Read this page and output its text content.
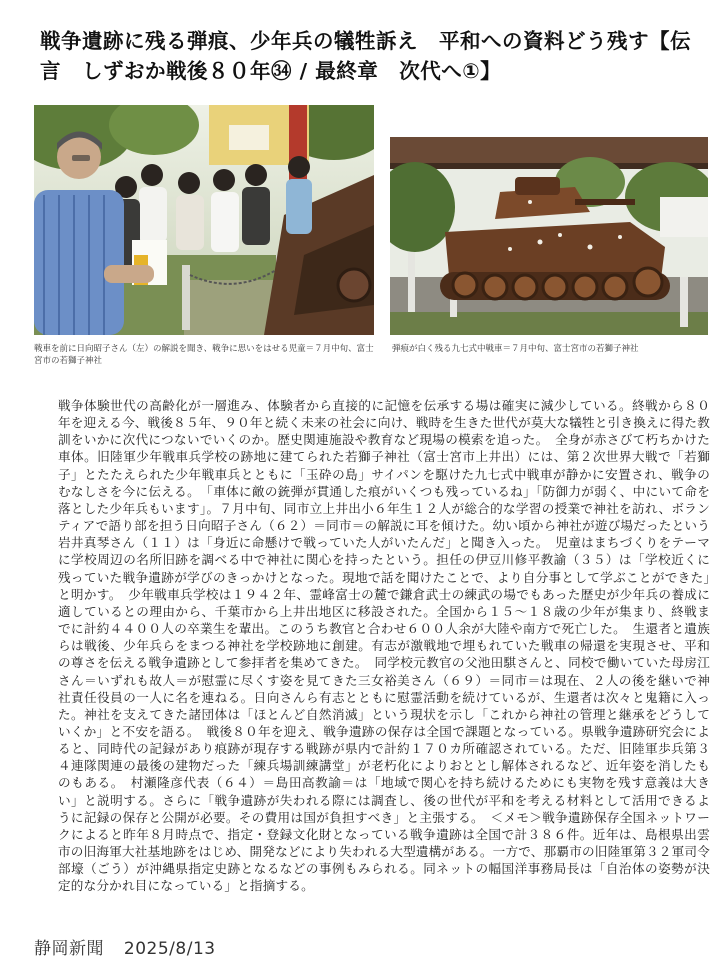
戦争遺跡に残る弾痕、少年兵の犠牲訴え　平和への資料どう残す【伝言　しずおか戦後８０年㉞ / 最終章　次代へ①】
戦車を前に日向昭子さん（左）の解説を聞き、戦争に思いをはせる児童＝７月中旬、富士宮市の若獅子神社
弾痕が白く残る九七式中戦車＝７月中旬、富士宮市の若獅子神社
戦争体験世代の高齢化が一層進み、体験者から直接的に記憶を伝承する場は確実に減少している。終戦から８０年を迎える今、戦後８５年、９０年と続く未来の社会に向け、戦時を生きた世代が莫大な犠牲と引き換えに得た教訓をいかに次代につないでいくのか。歴史関連施設や教育など現場の模索を追った。　全身が赤さびて朽ちかけた車体。旧陸軍少年戦車兵学校の跡地に建てられた若獅子神社（富士宮市上井出）には、第２次世界大戦で「若獅子」とたたえられた少年戦車兵とともに「玉砕の島」サイパンを駆けた九七式中戦車が静かに安置され、戦争のむなしさを今に伝える。　「車体に敵の銃弾が貫通した痕がいくつも残っているね」「防御力が弱く、中にいて命を落とした少年兵もいます」。７月中旬、同市立上井出小６年生１２人が総合的な学習の授業で神社を訪れ、ボランティアで語り部を担う日向昭子さん（６２）＝同市＝の解説に耳を傾けた。幼い頃から神社が遊び場だったという岩井真琴さん（１１）は「身近に命懸けで戦っていた人がいたんだ」と聞き入った。　児童はまちづくりをテーマに学校周辺の名所旧跡を調べる中で神社に関心を持ったという。担任の伊豆川修平教諭（３５）は「学校近くに残っていた戦争遺跡が学びのきっかけとなった。現地で話を聞けたことで、より自分事として学ぶことができた」と明かす。　少年戦車兵学校は１９４２年、霊峰富士の麓で鎌倉武士の練武の場でもあった歴史が少年兵の養成に適しているとの理由から、千葉市から上井出地区に移設された。全国から１５～１８歳の少年が集まり、終戦までに計約４４００人の卒業生を輩出。このうち教官と合わせ６００人余が大陸や南方で死亡した。　生還者と遺族らは戦後、少年兵らをまつる神社を学校跡地に創建。有志が激戦地で埋もれていた戦車の帰還を実現させ、平和の尊さを伝える戦争遺跡として参拝者を集めてきた。　同学校元教官の父池田騏さんと、同校で働いていた母房江さん＝いずれも故人＝が慰霊に尽くす姿を見てきた三女裕美さん（６９）＝同市＝は現在、２人の後を継いで神社責任役員の一人に名を連ねる。日向さんら有志とともに慰霊活動を続けているが、生還者は次々と鬼籍に入った。神社を支えてきた諸団体は「ほとんど自然消滅」という現状を示し「これから神社の管理と継承をどうしていくか」と不安を語る。　戦後８０年を迎え、戦争遺跡の保存は全国で課題となっている。県戦争遺跡研究会によると、同時代の記録があり痕跡が現存する戦跡が県内で計約１７０カ所確認されている。ただ、旧陸軍歩兵第３４連隊関連の最後の建物だった「練兵場訓練講堂」が老朽化によりおととし解体されるなど、近年姿を消したものもある。　村瀬隆彦代表（６４）＝島田高教諭＝は「地域で関心を持ち続けるためにも実物を残す意義は大きい」と説明する。さらに「戦争遺跡が失われる際には調査し、後の世代が平和を考える材料として活用できるように記録の保存と公開が必要。その費用は国が負担すべき」と主張する。　＜メモ＞戦争遺跡保存全国ネットワークによると昨年８月時点で、指定・登録文化財となっている戦争遺跡は全国で計３８６件。近年は、島根県出雲市の旧海軍大社基地跡をはじめ、開発などにより失われる大型遺構がある。一方で、那覇市の旧陸軍第３２軍司令部壕（ごう）が沖縄県指定史跡となるなどの事例もみられる。同ネットの幅国洋事務局長は「自治体の姿勢が決定的な分かれ目になっている」と指摘する。
静岡新聞 2025/8/13
